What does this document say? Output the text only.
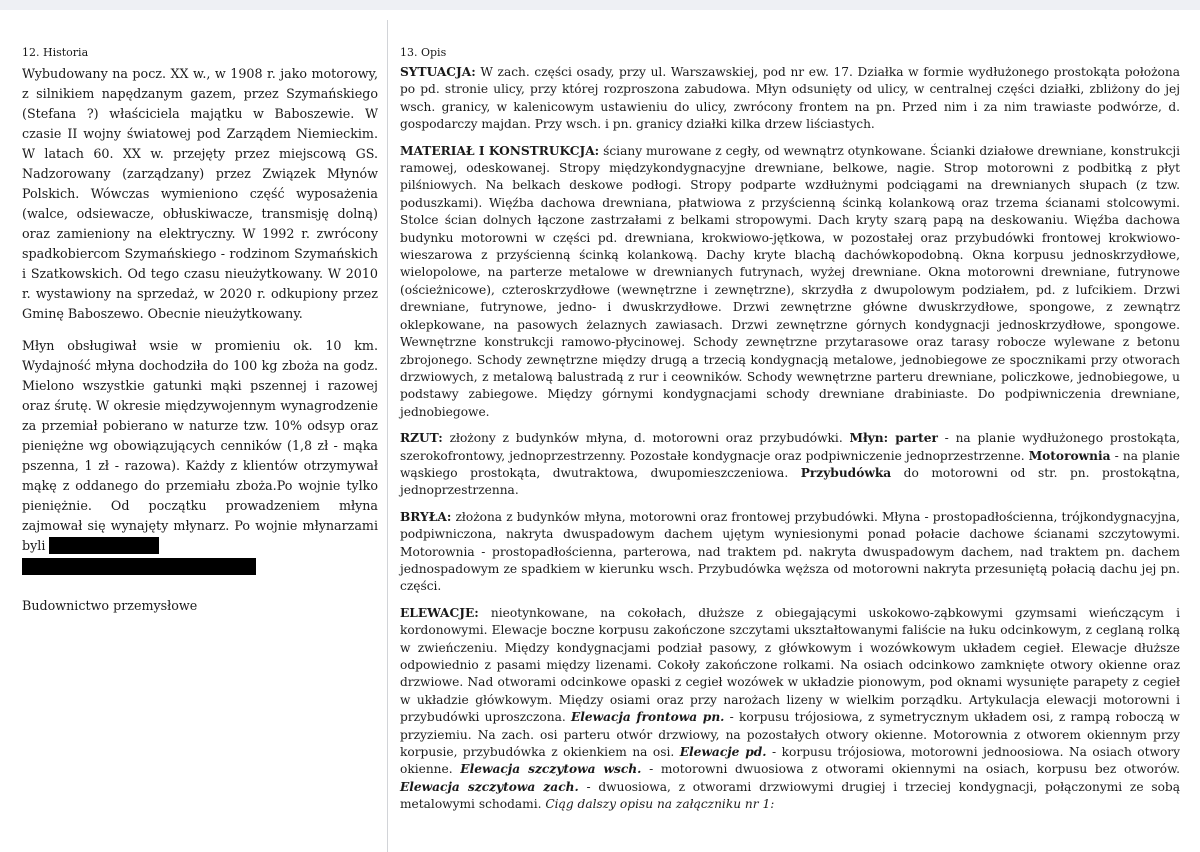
12. Historia

Wybudowany na pocz. XX w., w 1908 r. jako motorowy, z silnikiem napędzanym gazem, przez Szymańskiego (Stefana ?) właściciela majątku w Baboszewie. W czasie II wojny światowej pod Zarządem Niemieckim. W latach 60. XX w. przejęty przez miejscową GS. Nadzorowany (zarządzany) przez Związek Młynów Polskich. Wówczas wymieniono część wyposażenia (walce, odsiewacze, obłuskiwacze, transmisję dolną) oraz zamieniony na elektryczny. W 1992 r. zwrócony spadkobiercom Szymańskiego - rodzinom Szymańskich i Szatkowskich. Od tego czasu nieużytkowany. W 2010 r. wystawiony na sprzedaż, w 2020 r. odkupiony przez Gminę Baboszewo. Obecnie nieużytkowany.

Młyn obsługiwał wsie w promieniu ok. 10 km. Wydajność młyna dochodziła do 100 kg zboża na godz. Mielono wszystkie gatunki mąki pszennej i razowej oraz śrutę. W okresie międzywojennym wynagrodzenie za przemiał pobierano w naturze tzw. 10% odsyp oraz pieniężne wg obowiązujących cenników (1,8 zł - mąka pszenna, 1 zł - razowa). Każdy z klientów otrzymywał mąkę z oddanego do przemiału zboża.Po wojnie tylko pieniężnie. Od początku prowadzeniem młyna zajmował się wynajęty młynarz. Po wojnie młynarzami byli

Budownictwo przemysłowe
13. Opis

SYTUACJA: W zach. części osady, przy ul. Warszawskiej, pod nr ew. 17. Działka w formie wydłużonego prostokąta położona po pd. stronie ulicy, przy której rozproszona zabudowa. Młyn odsunięty od ulicy, w centralnej części działki, zbliżony do jej wsch. granicy, w kalenicowym ustawieniu do ulicy, zwrócony frontem na pn. Przed nim i za nim trawiaste podwórze, d. gospodarczy majdan. Przy wsch. i pn. granicy działki kilka drzew liściastych.

MATERIAŁ I KONSTRUKCJA: ściany murowane z cegły, od wewnątrz otynkowane. Ścianki działowe drewniane, konstrukcji ramowej, odeskowanej. Stropy międzykondygnacyjne drewniane, belkowe, nagie. Strop motorowni z podbitką z płyt pilśniowych. Na belkach deskowe podłogi. Stropy podparte wzdłużnymi podciągami na drewnianych słupach (z tzw. poduszkami). Więźba dachowa drewniana, płatwiowa z przyścienną ścinką kolankową oraz trzema ścianami stolcowymi. Stolce ścian dolnych łączone zastrzałami z belkami stropowymi. Dach kryty szarą papą na deskowaniu. Więźba dachowa budynku motorowni w części pd. drewniana, krokwiowo-jętkowa, w pozostałej oraz przybudówki frontowej krokwiowo-wieszarowa z przyścienną ścinką kolankową. Dachy kryte blachą dachówkopodobną. Okna korpusu jednoskrzydłowe, wielopolowe, na parterze metalowe w drewnianych futrynach, wyżej drewniane. Okna motorowni drewniane, futrynowe (ościeżnicowe), czteroskrzydłowe (wewnętrzne i zewnętrzne), skrzydła z dwupolowym podziałem, pd. z lufcikiem. Drzwi drewniane, futrynowe, jedno- i dwuskrzydłowe. Drzwi zewnętrzne główne dwuskrzydłowe, spongowe, z zewnątrz oklepkowane, na pasowych żelaznych zawiasach. Drzwi zewnętrzne górnych kondygnacji jednoskrzydłowe, spongowe. Wewnętrzne konstrukcji ramowo-płycinowej. Schody zewnętrzne przytarasowe oraz tarasy robocze wylewane z betonu zbrojonego. Schody zewnętrzne między drugą a trzecią kondygnacją metalowe, jednobiegowe ze spocznikami przy otworach drzwiowych, z metalową balustradą z rur i ceowników. Schody wewnętrzne parteru drewniane, policzkowe, jednobiegowe, u podstawy zabiegowe. Między górnymi kondygnacjami schody drewniane drabiniaste. Do podpiwniczenia drewniane, jednobiegowe.

RZUT: złożony z budynków młyna, d. motorowni oraz przybudówki. Młyn: parter - na planie wydłużonego prostokąta, szerokofrontowy, jednoprzestrzenny. Pozostałe kondygnacje oraz podpiwniczenie jednoprzestrzenne. Motorownia - na planie wąskiego prostokąta, dwutraktowa, dwupomieszczeniowa. Przybudówka do motorowni od str. pn. prostokątna, jednoprzestrzenna.

BRYŁA: złożona z budynków młyna, motorowni oraz frontowej przybudówki. Młyna - prostopadłościenna, trójkondygnacyjna, podpiwniczona, nakryta dwuspadowym dachem ujętym wyniesionymi ponad połacie dachowe ścianami szczytowymi. Motorownia - prostopadłościenna, parterowa, nad traktem pd. nakryta dwuspadowym dachem, nad traktem pn. dachem jednospadowym ze spadkiem w kierunku wsch. Przybudówka węższa od motorowni nakryta przesuniętą połacią dachu jej pn. części.

ELEWACJE: nieotynkowane, na cokołach, dłuższe z obiegającymi uskokowo-ząbkowymi gzymsami wieńczącym i kordonowymi. Elewacje boczne korpusu zakończone szczytami ukształtowanymi faliście na łuku odcinkowym, z ceglaną rolką w zwieńczeniu. Między kondygnacjami podział pasowy, z główkowym i wozówkowym układem cegieł. Elewacje dłuższe odpowiednio z pasami między lizenami. Cokoły zakończone rolkami. Na osiach odcinkowo zamknięte otwory okienne oraz drzwiowe. Nad otworami odcinkowe opaski z cegieł wozówek w układzie pionowym, pod oknami wysunięte parapety z cegieł w układzie główkowym. Między osiami oraz przy narożach lizeny w wielkim porządku. Artykulacja elewacji motorowni i przybudówki uproszczona. Elewacja frontowa pn. - korpusu trójosiowa, z symetrycznym układem osi, z rampą roboczą w przyziemiu. Na zach. osi parteru otwór drzwiowy, na pozostałych otwory okienne. Motorownia z otworem okiennym przy korpusie, przybudówka z okienkiem na osi. Elewacje pd. - korpusu trójosiowa, motorowni jednoosiowa. Na osiach otwory okienne. Elewacja szczytowa wsch. - motorowni dwuosiowa z otworami okiennymi na osiach, korpusu bez otworów. Elewacja szczytowa zach. - dwuosiowa, z otworami drzwiowymi drugiej i trzeciej kondygnacji, połączonymi ze sobą metalowymi schodami. Ciąg dalszy opisu na załączniku nr 1:
